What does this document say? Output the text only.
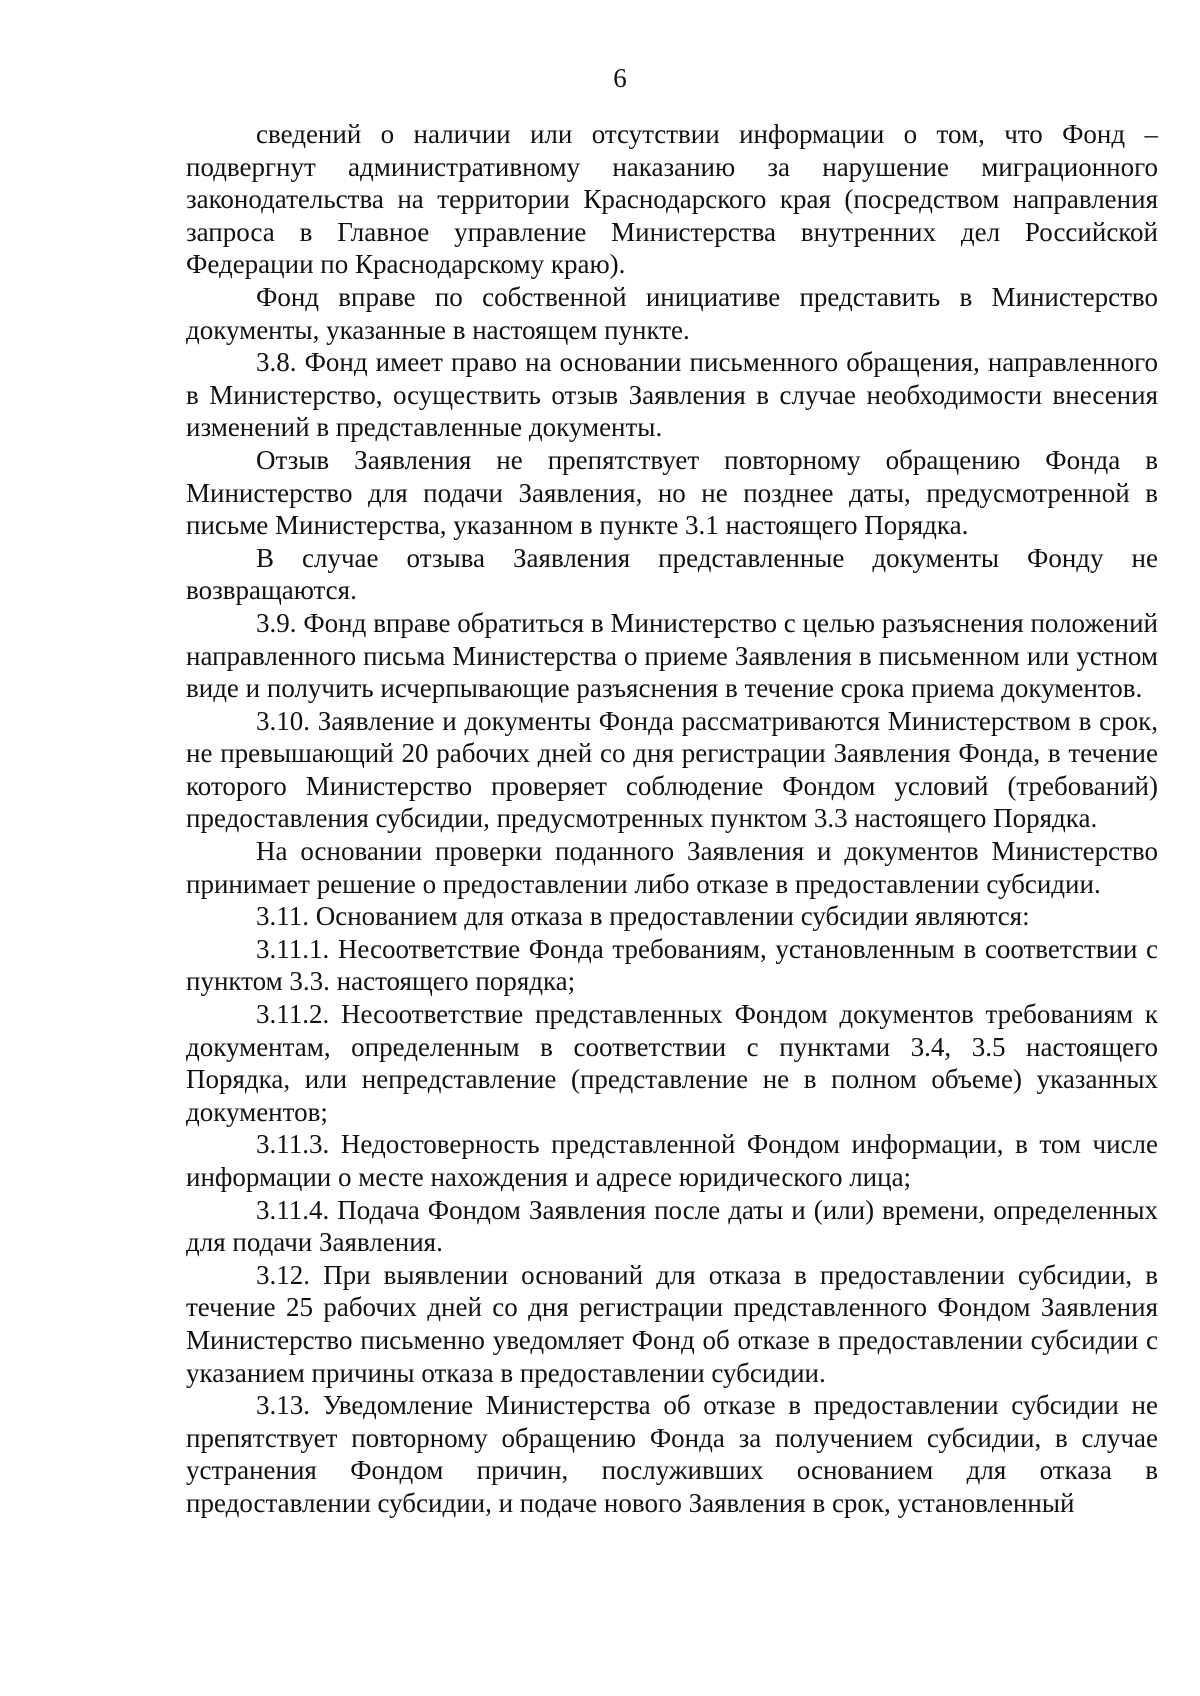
6

сведений о наличии или отсутствии информации о том, что Фонд – подвергнут административному наказанию за нарушение миграционного законодательства на территории Краснодарского края (посредством направления запроса в Главное управление Министерства внутренних дел Российской Федерации по Краснодарскому краю).

Фонд вправе по собственной инициативе представить в Министерство документы, указанные в настоящем пункте.

3.8. Фонд имеет право на основании письменного обращения, направленного в Министерство, осуществить отзыв Заявления в случае необходимости внесения изменений в представленные документы.

Отзыв Заявления не препятствует повторному обращению Фонда в Министерство для подачи Заявления, но не позднее даты, предусмотренной в письме Министерства, указанном в пункте 3.1 настоящего Порядка.

В случае отзыва Заявления представленные документы Фонду не возвращаются.

3.9. Фонд вправе обратиться в Министерство с целью разъяснения положений направленного письма Министерства о приеме Заявления в письменном или устном виде и получить исчерпывающие разъяснения в течение срока приема документов.

3.10. Заявление и документы Фонда рассматриваются Министерством в срок, не превышающий 20 рабочих дней со дня регистрации Заявления Фонда, в течение которого Министерство проверяет соблюдение Фондом условий (требований) предоставления субсидии, предусмотренных пунктом 3.3 настоящего Порядка.

На основании проверки поданного Заявления и документов Министерство принимает решение о предоставлении либо отказе в предоставлении субсидии.

3.11. Основанием для отказа в предоставлении субсидии являются:

3.11.1. Несоответствие Фонда требованиям, установленным в соответствии с пунктом 3.3. настоящего порядка;

3.11.2. Несоответствие представленных Фондом документов требованиям к документам, определенным в соответствии с пунктами 3.4, 3.5 настоящего Порядка, или непредставление (представление не в полном объеме) указанных документов;

3.11.3. Недостоверность представленной Фондом информации, в том числе информации о месте нахождения и адресе юридического лица;

3.11.4. Подача Фондом Заявления после даты и (или) времени, определенных для подачи Заявления.

3.12. При выявлении оснований для отказа в предоставлении субсидии, в течение 25 рабочих дней со дня регистрации представленного Фондом Заявления Министерство письменно уведомляет Фонд об отказе в предоставлении субсидии с указанием причины отказа в предоставлении субсидии.

3.13. Уведомление Министерства об отказе в предоставлении субсидии не препятствует повторному обращению Фонда за получением субсидии, в случае устранения Фондом причин, послуживших основанием для отказа в предоставлении субсидии, и подаче нового Заявления в срок, установленный
